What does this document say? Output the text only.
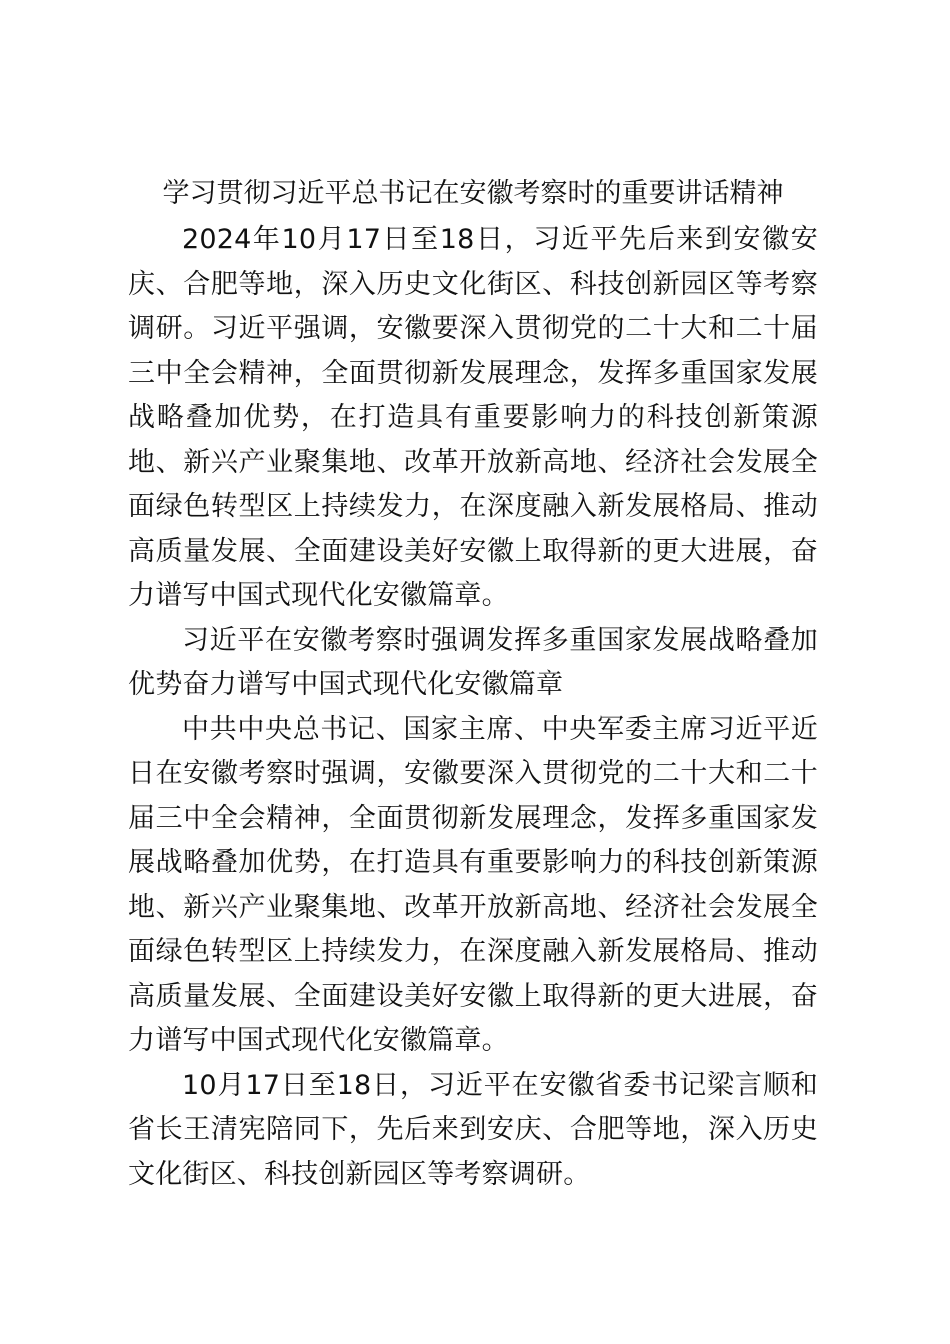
学习贯彻习近平总书记在安徽考察时的重要讲话精神

2024年10月17日至18日，习近平先后来到安徽安庆、合肥等地，深入历史文化街区、科技创新园区等考察调研。习近平强调，安徽要深入贯彻党的二十大和二十届三中全会精神，全面贯彻新发展理念，发挥多重国家发展战略叠加优势，在打造具有重要影响力的科技创新策源地、新兴产业聚集地、改革开放新高地、经济社会发展全面绿色转型区上持续发力，在深度融入新发展格局、推动高质量发展、全面建设美好安徽上取得新的更大进展，奋力谱写中国式现代化安徽篇章。

习近平在安徽考察时强调发挥多重国家发展战略叠加优势奋力谱写中国式现代化安徽篇章

中共中央总书记、国家主席、中央军委主席习近平近日在安徽考察时强调，安徽要深入贯彻党的二十大和二十届三中全会精神，全面贯彻新发展理念，发挥多重国家发展战略叠加优势，在打造具有重要影响力的科技创新策源地、新兴产业聚集地、改革开放新高地、经济社会发展全面绿色转型区上持续发力，在深度融入新发展格局、推动高质量发展、全面建设美好安徽上取得新的更大进展，奋力谱写中国式现代化安徽篇章。

10月17日至18日，习近平在安徽省委书记梁言顺和省长王清宪陪同下，先后来到安庆、合肥等地，深入历史文化街区、科技创新园区等考察调研。
